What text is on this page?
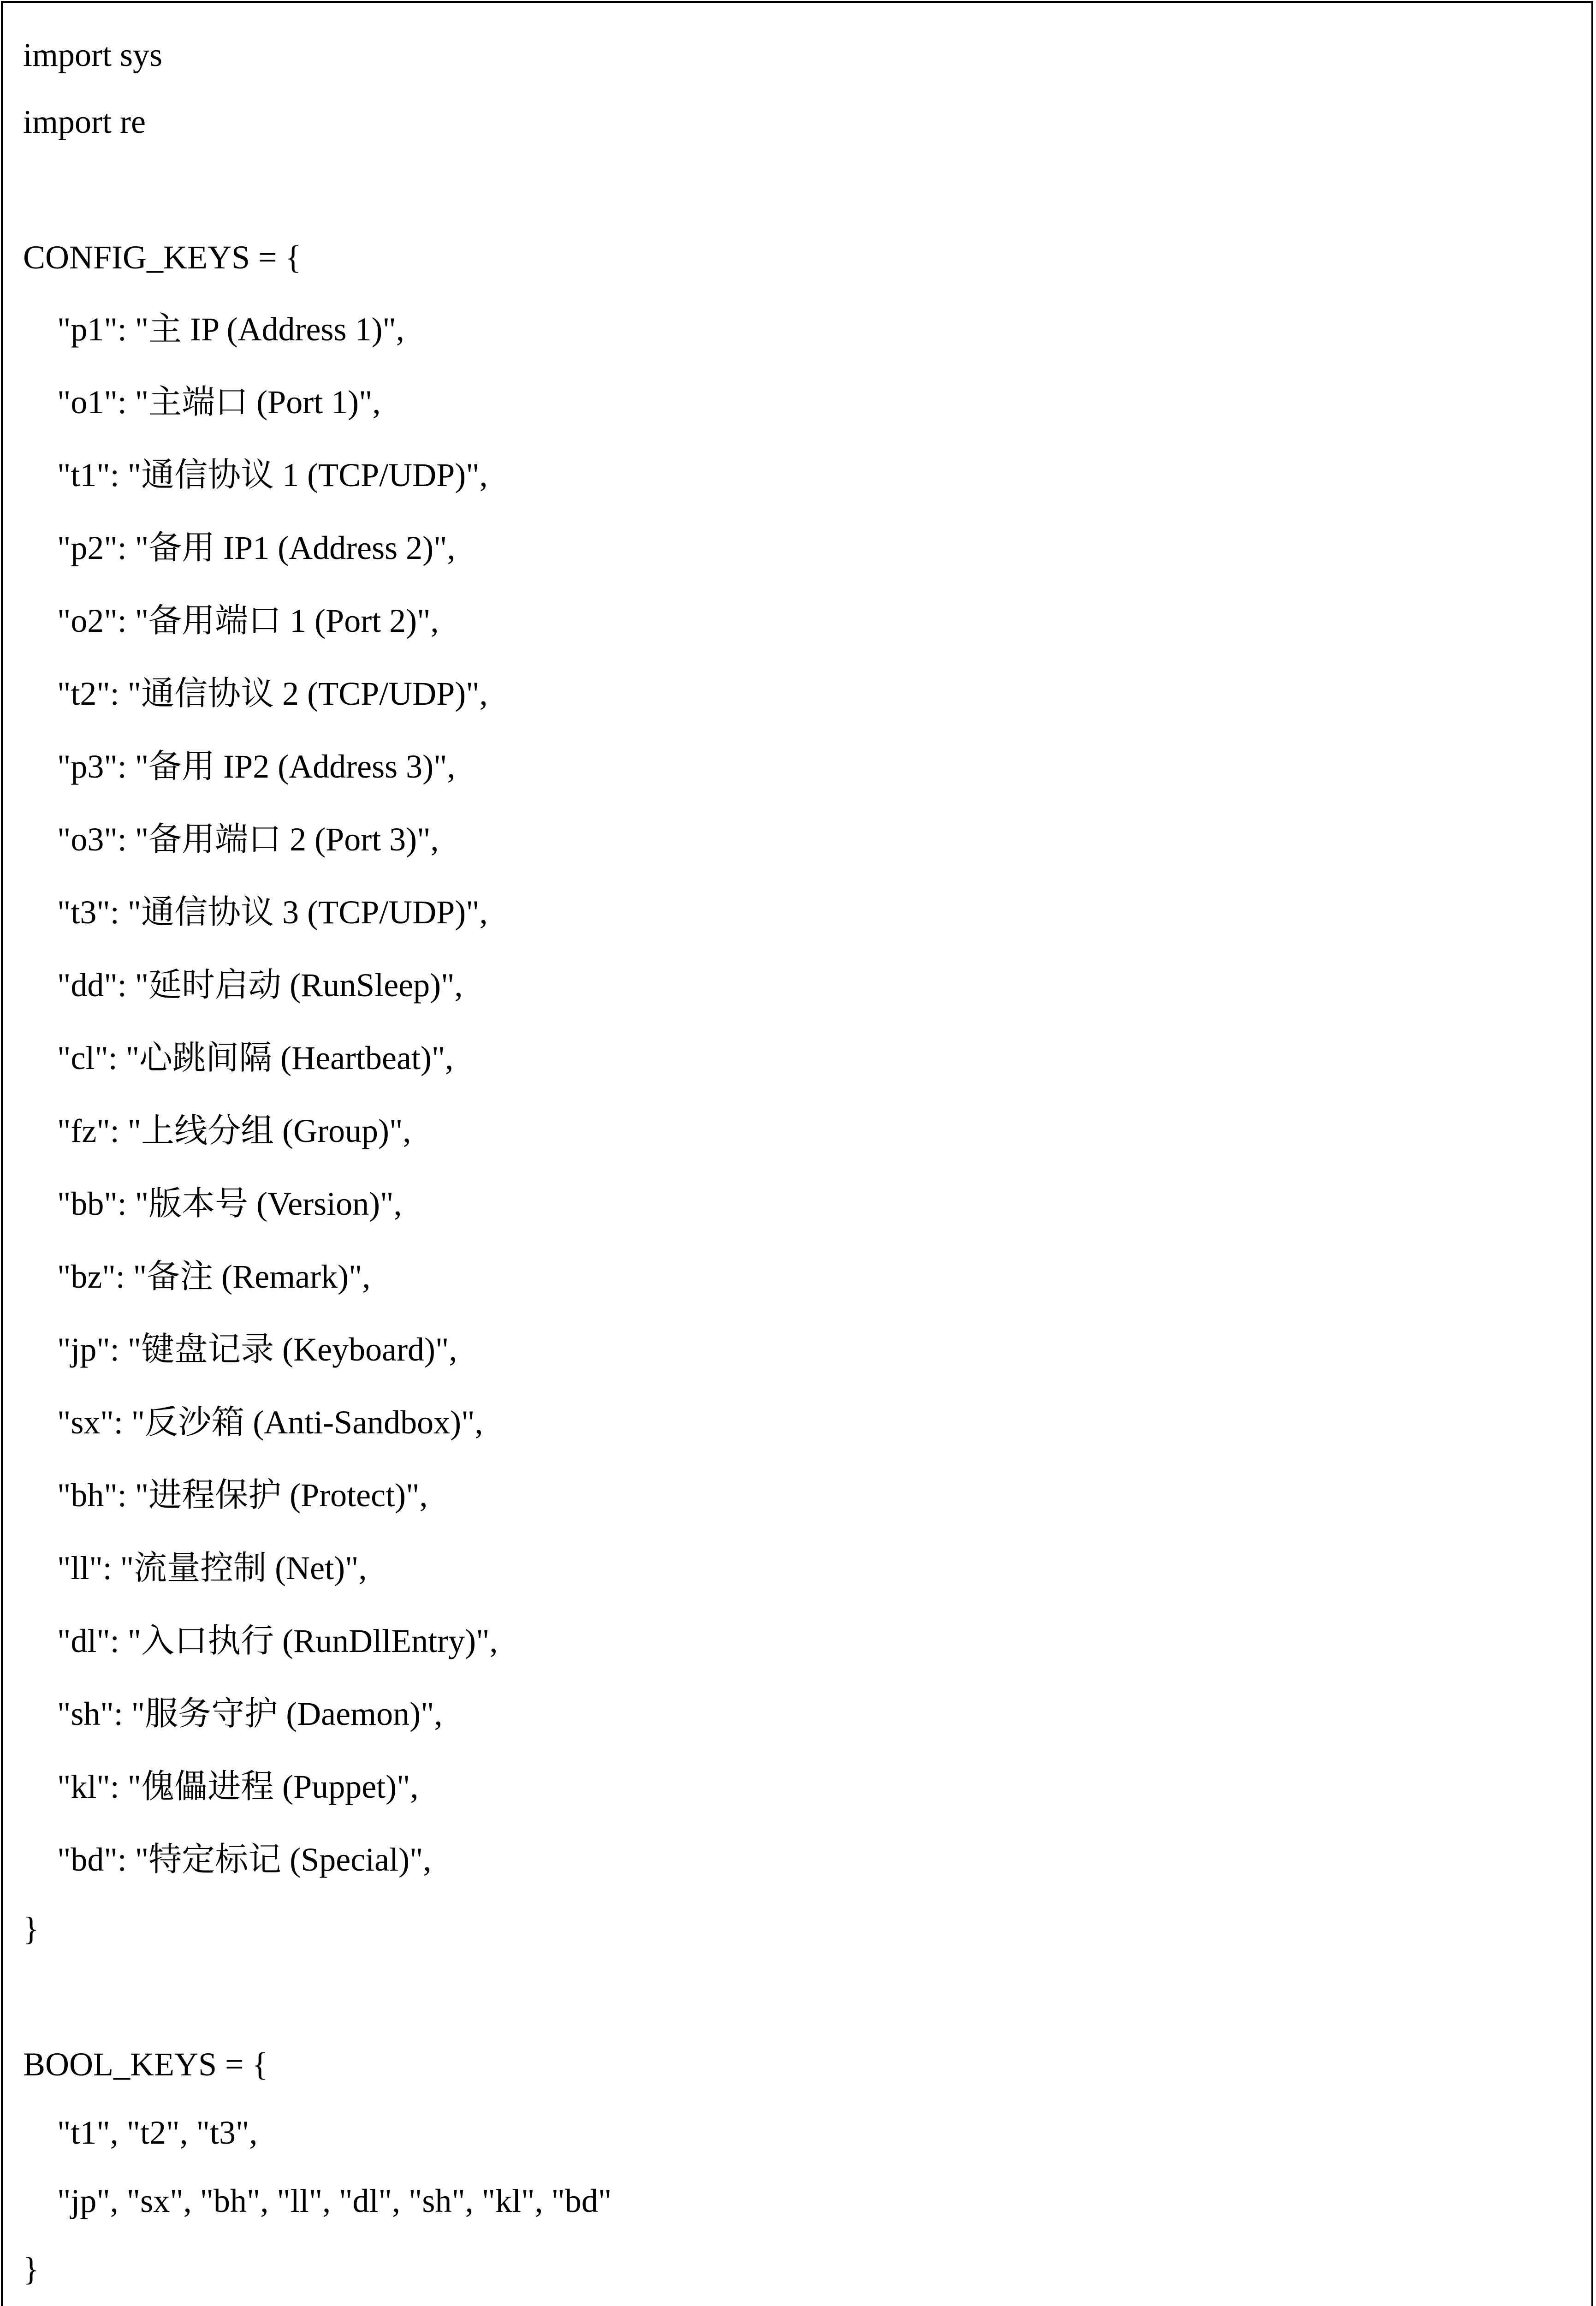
import sys

import re

CONFIG_KEYS = {

"p1": "主 IP (Address 1)",

"o1": "主端口 (Port 1)",

"t1": "通信协议 1 (TCP/UDP)",

"p2": "备用 IP1 (Address 2)",

"o2": "备用端口 1 (Port 2)",

"t2": "通信协议 2 (TCP/UDP)",

"p3": "备用 IP2 (Address 3)",

"o3": "备用端口 2 (Port 3)",

"t3": "通信协议 3 (TCP/UDP)",

"dd": "延时启动 (RunSleep)",

"cl": "心跳间隔 (Heartbeat)",

"fz": "上线分组 (Group)",

"bb": "版本号 (Version)",

"bz": "备注 (Remark)",

"jp": "键盘记录 (Keyboard)",

"sx": "反沙箱 (Anti-Sandbox)",

"bh": "进程保护 (Protect)",

"ll": "流量控制 (Net)",

"dl": "入口执行 (RunDllEntry)",

"sh": "服务守护 (Daemon)",

"kl": "傀儡进程 (Puppet)",

"bd": "特定标记 (Special)",

}

BOOL_KEYS = {

"t1", "t2", "t3",

"jp", "sx", "bh", "ll", "dl", "sh", "kl", "bd"

}
